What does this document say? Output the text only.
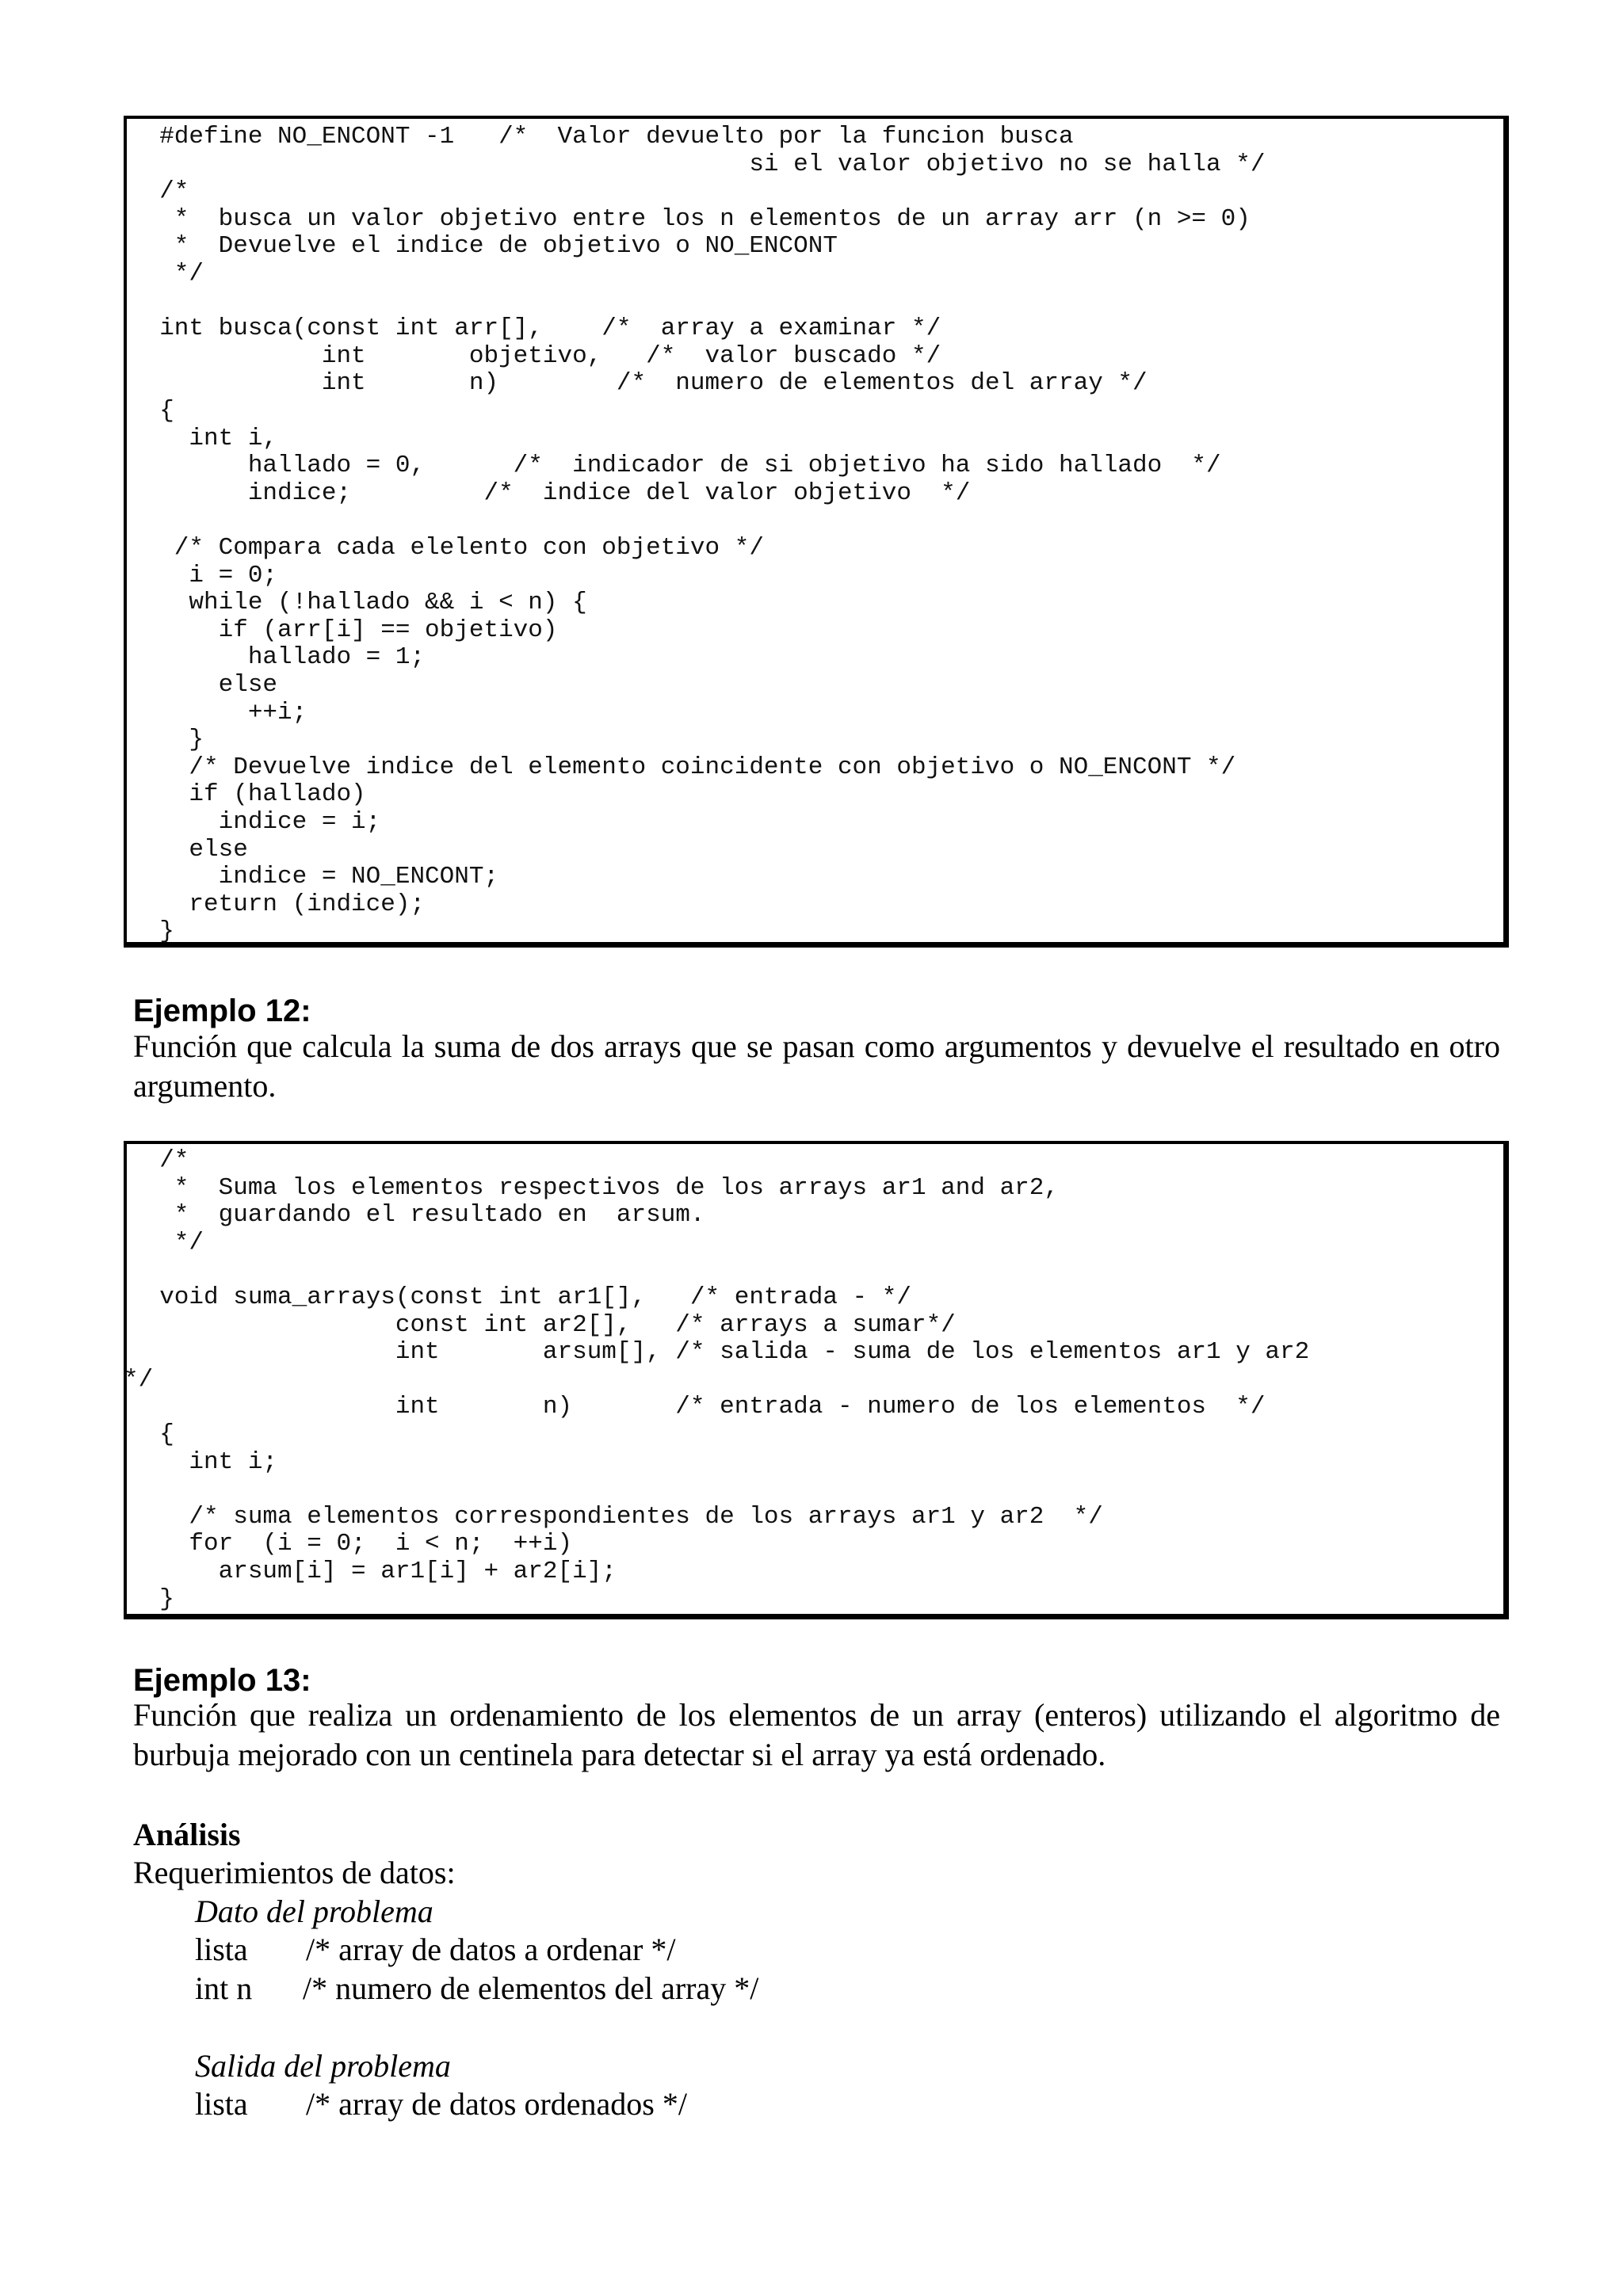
#define NO_ENCONT -1   /*  Valor devuelto por la funcion busca
si el valor objetivo no se halla */
/*
*  busca un valor objetivo entre los n elementos de un array arr (n >= 0)
*  Devuelve el indice de objetivo o NO_ENCONT
*/
int busca(const int arr[],    /*  array a examinar */
int       objetivo,   /*  valor buscado */
int       n)        /*  numero de elementos del array */
{
int i,
hallado = 0,      /*  indicador de si objetivo ha sido hallado  */
indice;         /*  indice del valor objetivo  */
/* Compara cada elelento con objetivo */
i = 0;
while (!hallado && i < n) {
if (arr[i] == objetivo)
hallado = 1;
else
++i;
}
/* Devuelve indice del elemento coincidente con objetivo o NO_ENCONT */
if (hallado)
indice = i;
else
indice = NO_ENCONT;
return (indice);
}
Ejemplo 12:
Función que calcula la suma de dos arrays que se pasan como argumentos y devuelve el resultado en otro argumento.
/*
*  Suma los elementos respectivos de los arrays ar1 and ar2,
*  guardando el resultado en  arsum.
*/
void suma_arrays(const int ar1[],   /* entrada - */
const int ar2[],   /* arrays a sumar*/
int       arsum[], /* salida - suma de los elementos ar1 y ar2
*/
int       n)       /* entrada - numero de los elementos  */
{
int i;
/* suma elementos correspondientes de los arrays ar1 y ar2  */
for  (i = 0;  i < n;  ++i)
arsum[i] = ar1[i] + ar2[i];
}
Ejemplo 13:
Función que realiza un ordenamiento de los elementos de un array (enteros) utilizando el algoritmo de burbuja mejorado con un centinela para detectar si el array ya está ordenado.
Análisis
Requerimientos de datos:
Dato del problema
lista /* array de datos a ordenar */
int n /* numero de elementos del array */
Salida del problema
lista /* array de datos ordenados */
